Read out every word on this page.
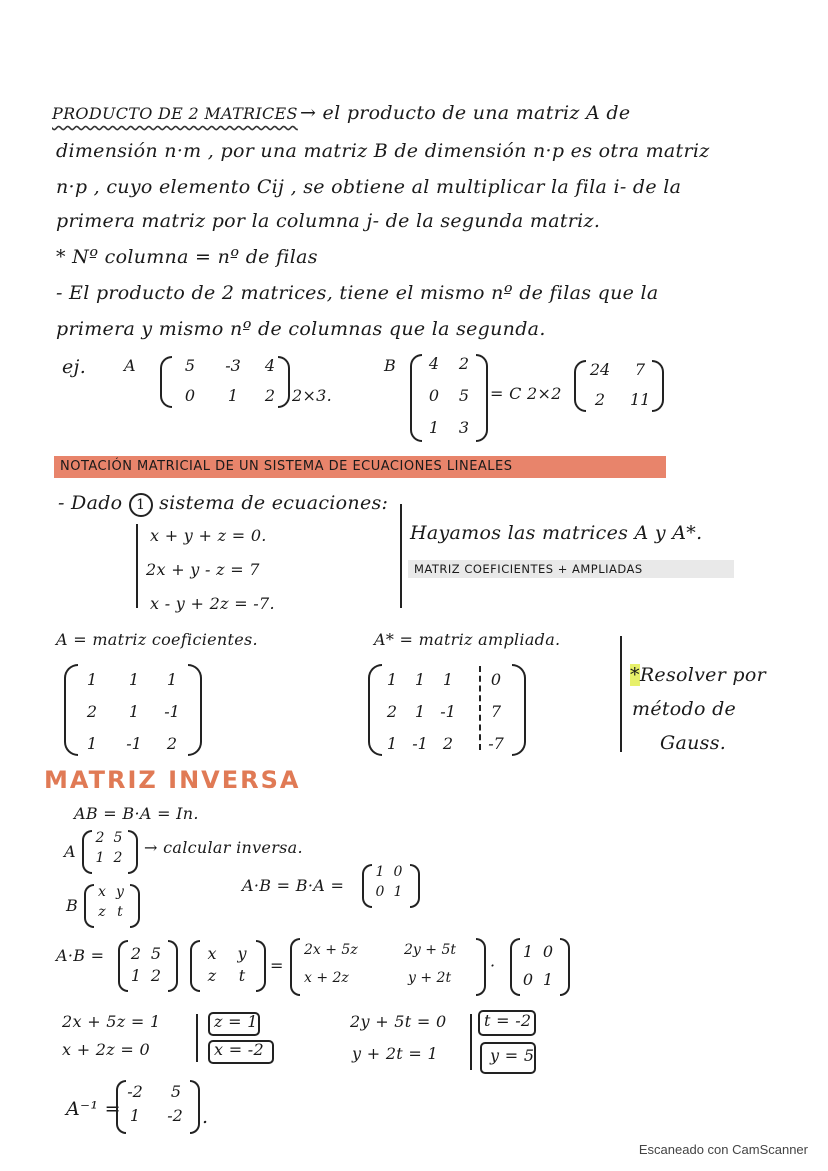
PRODUCTO DE 2 MATRICES → el producto de una matriz A de
dimensión n·m , por una matriz B de dimensión n·p es otra matriz
n·p , cuyo elemento Cij , se obtiene al multiplicar la fila i- de la
primera matriz por la columna j- de la segunda matriz.
* Nº columna = nº de filas
- El producto de 2 matrices, tiene el mismo nº de filas que la
primera y mismo nº de columnas que la segunda.
ej. A	5	-3	4
0	1	2	2×3.
B 4 2
0 5
1 3
= C 2×2
24	7
2	11
NOTACIÓN MATRICIAL DE UN SISTEMA DE ECUACIONES LINEALES
- Dado 1 sistema de ecuaciones:
x + y + z = 0.
2x + y - z = 7
x - y + 2z = -7.
Hayamos las matrices A y A*.
MATRIZ COEFICIENTES + AMPLIADAS
A = matriz coeficientes.
1	1	1
2	1	-1
1	-1	2
A* = matriz ampliada.
1	1	1	0
2	1 -1	7
1 -1 2	-7
*Resolver por
método de
Gauss.
MATRIZ INVERSA
AB = B·A = In.
A
2 5
1 2
→ calcular inversa.
B
x y
z t
A·B = B·A =
1 0
0 1
A·B = 2 5
1 2
x y
z t
=
2x + 5z	2y + 5t
x + 2z	y + 2t
·
1 0
0 1
2x + 5z = 1
x + 2z = 0
z = 1
x = -2
2y + 5t = 0
y + 2t = 1
t = -2
y = 5
A⁻¹ =
-2	5
1	-2 .
Escaneado con CamScanner
